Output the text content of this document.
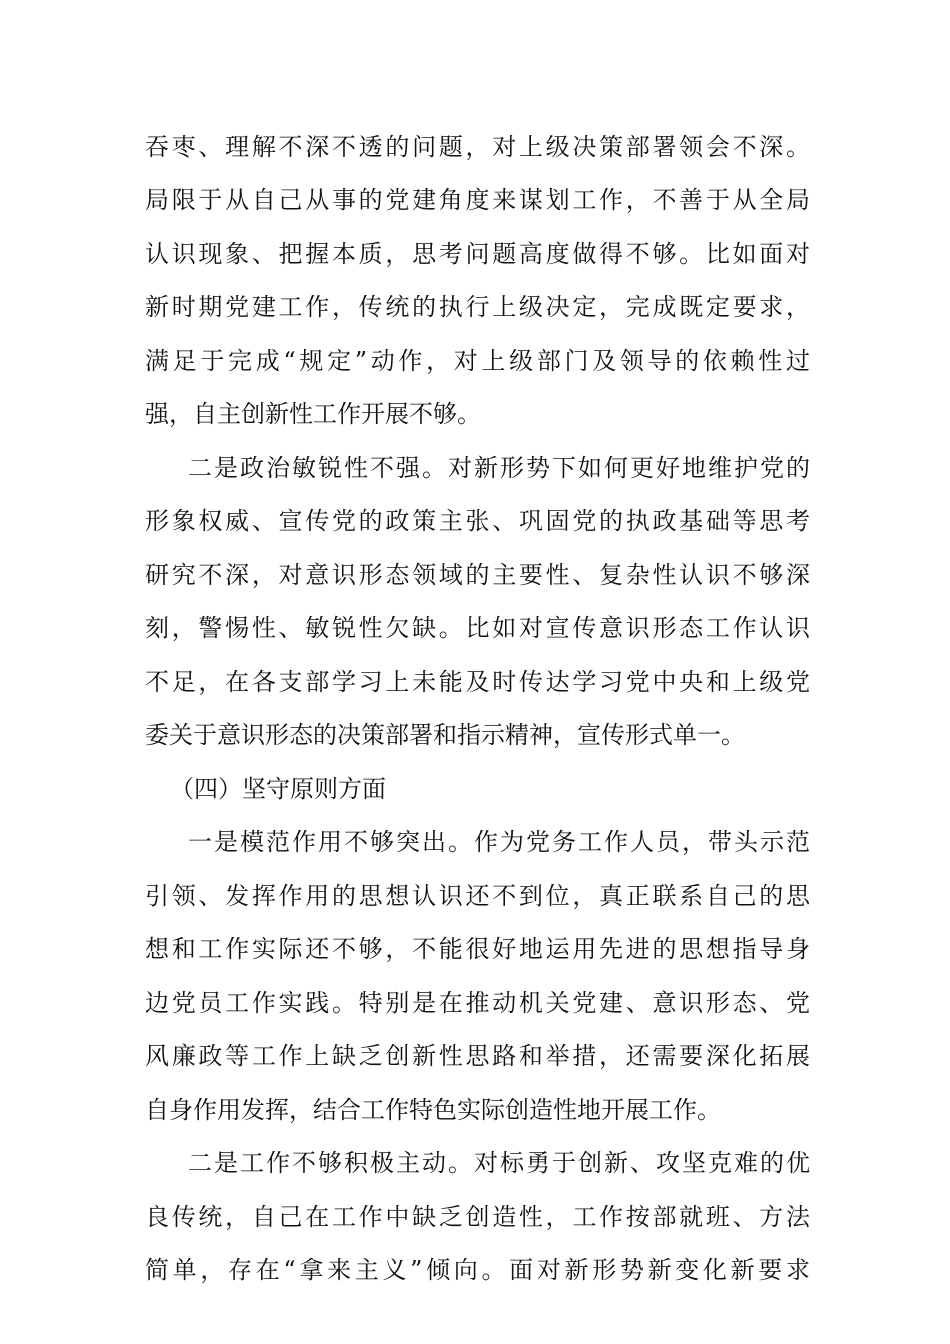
吞枣、理解不深不透的问题，对上级决策部署领会不深。
局限于从自己从事的党建角度来谋划工作，不善于从全局
认识现象、把握本质，思考问题高度做得不够。比如面对
新时期党建工作，传统的执行上级决定，完成既定要求，
满足于完成“规定”动作，对上级部门及领导的依赖性过
强，自主创新性工作开展不够。
二是政治敏锐性不强。对新形势下如何更好地维护党的
形象权威、宣传党的政策主张、巩固党的执政基础等思考
研究不深，对意识形态领域的主要性、复杂性认识不够深
刻，警惕性、敏锐性欠缺。比如对宣传意识形态工作认识
不足，在各支部学习上未能及时传达学习党中央和上级党
委关于意识形态的决策部署和指示精神，宣传形式单一。
（四）坚守原则方面
一是模范作用不够突出。作为党务工作人员，带头示范
引领、发挥作用的思想认识还不到位，真正联系自己的思
想和工作实际还不够，不能很好地运用先进的思想指导身
边党员工作实践。特别是在推动机关党建、意识形态、党
风廉政等工作上缺乏创新性思路和举措，还需要深化拓展
自身作用发挥，结合工作特色实际创造性地开展工作。
二是工作不够积极主动。对标勇于创新、攻坚克难的优
良传统，自己在工作中缺乏创造性，工作按部就班、方法
简单，存在“拿来主义”倾向。面对新形势新变化新要求
